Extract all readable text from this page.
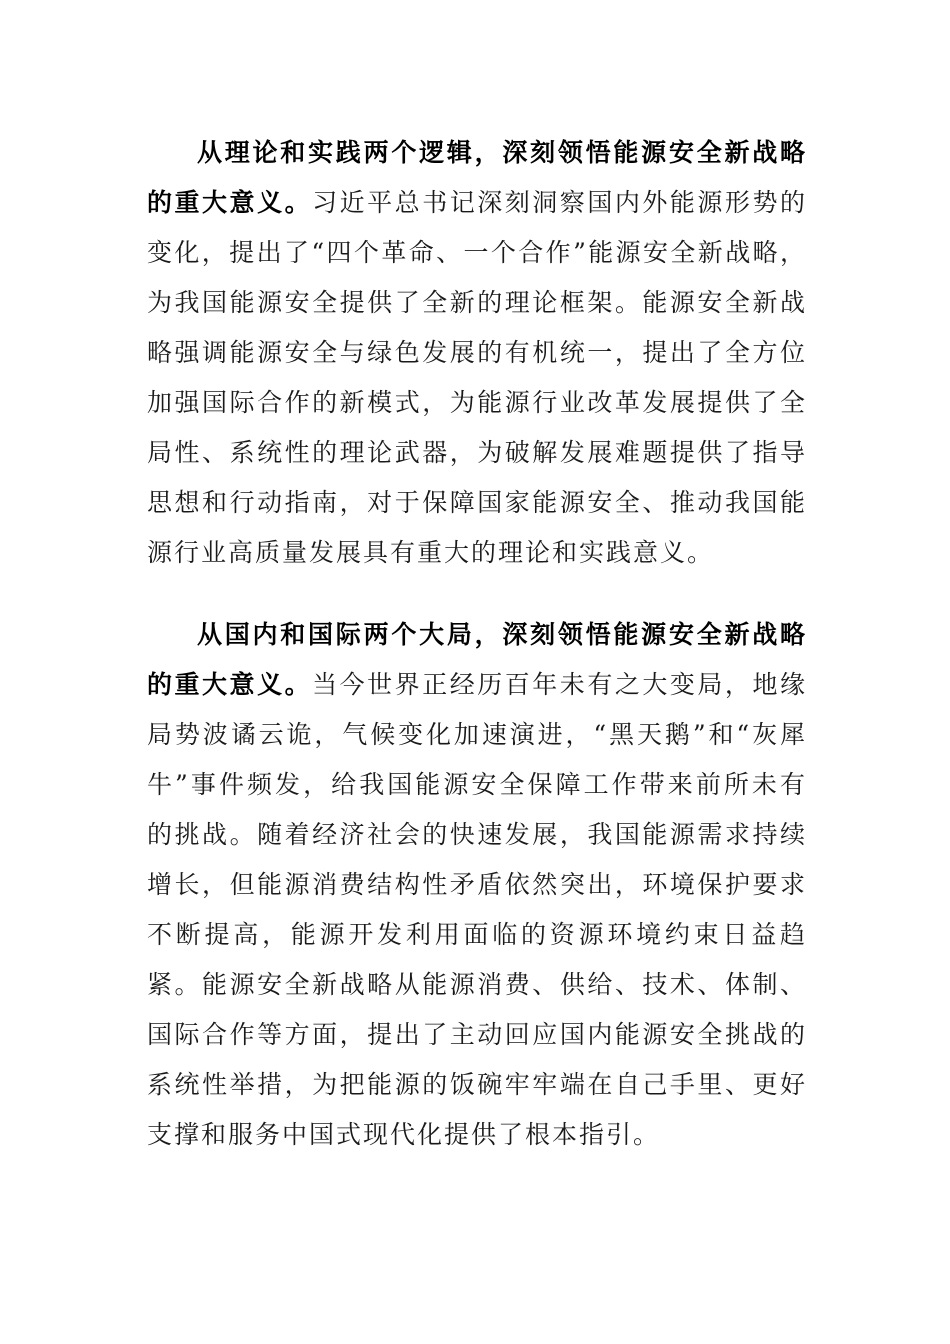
从理论和实践两个逻辑，深刻领悟能源安全新战略的重大意义。习近平总书记深刻洞察国内外能源形势的变化，提出了“四个革命、一个合作”能源安全新战略，为我国能源安全提供了全新的理论框架。能源安全新战略强调能源安全与绿色发展的有机统一，提出了全方位加强国际合作的新模式，为能源行业改革发展提供了全局性、系统性的理论武器，为破解发展难题提供了指导思想和行动指南，对于保障国家能源安全、推动我国能源行业高质量发展具有重大的理论和实践意义。

从国内和国际两个大局，深刻领悟能源安全新战略的重大意义。当今世界正经历百年未有之大变局，地缘局势波谲云诡，气候变化加速演进，“黑天鹅”和“灰犀牛”事件频发，给我国能源安全保障工作带来前所未有的挑战。随着经济社会的快速发展，我国能源需求持续增长，但能源消费结构性矛盾依然突出，环境保护要求不断提高，能源开发利用面临的资源环境约束日益趋紧。能源安全新战略从能源消费、供给、技术、体制、国际合作等方面，提出了主动回应国内能源安全挑战的系统性举措，为把能源的饭碗牢牢端在自己手里、更好支撑和服务中国式现代化提供了根本指引。
